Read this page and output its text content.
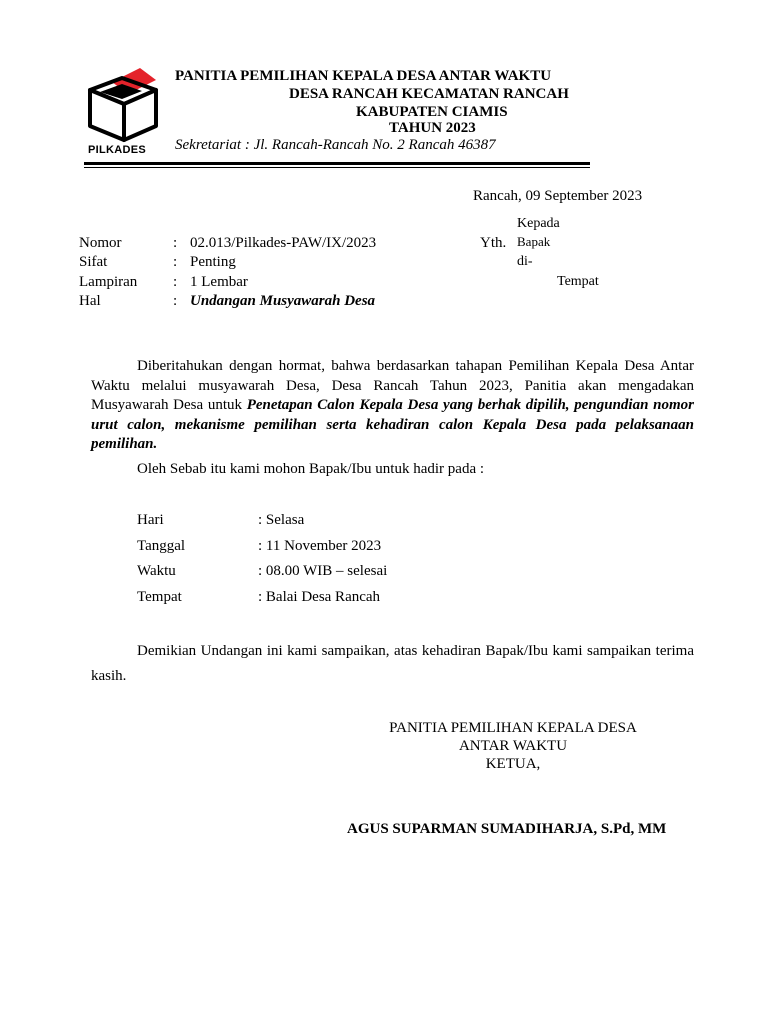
PILKADES
PANITIA PEMILIHAN KEPALA DESA ANTAR WAKTU
DESA RANCAH KECAMATAN RANCAH
KABUPATEN CIAMIS
TAHUN 2023
Sekretariat : Jl. Rancah-Rancah No. 2 Rancah 46387
Rancah, 09 September 2023
Kepada
Yth. Bapak
di-
Tempat
Nomor	: 02.013/Pilkades-PAW/IX/2023
Sifat	: Penting
Lampiran : 1 Lembar
Hal	: Undangan Musyawarah Desa
Diberitahukan dengan hormat, bahwa berdasarkan tahapan Pemilihan Kepala Desa Antar Waktu melalui musyawarah Desa, Desa Rancah Tahun 2023, Panitia akan mengadakan Musyawarah Desa untuk Penetapan Calon Kepala Desa yang berhak dipilih, pengundian nomor urut calon, mekanisme pemilihan serta kehadiran calon Kepala Desa pada pelaksanaan pemilihan.
Oleh Sebab itu kami mohon Bapak/Ibu untuk hadir pada :
Hari	: Selasa
Tanggal	: 11 November 2023
Waktu	: 08.00 WIB – selesai
Tempat	: Balai Desa Rancah
Demikian Undangan ini kami sampaikan, atas kehadiran Bapak/Ibu kami sampaikan terima kasih.
PANITIA PEMILIHAN KEPALA DESA
ANTAR WAKTU
KETUA,
AGUS SUPARMAN SUMADIHARJA, S.Pd, MM
